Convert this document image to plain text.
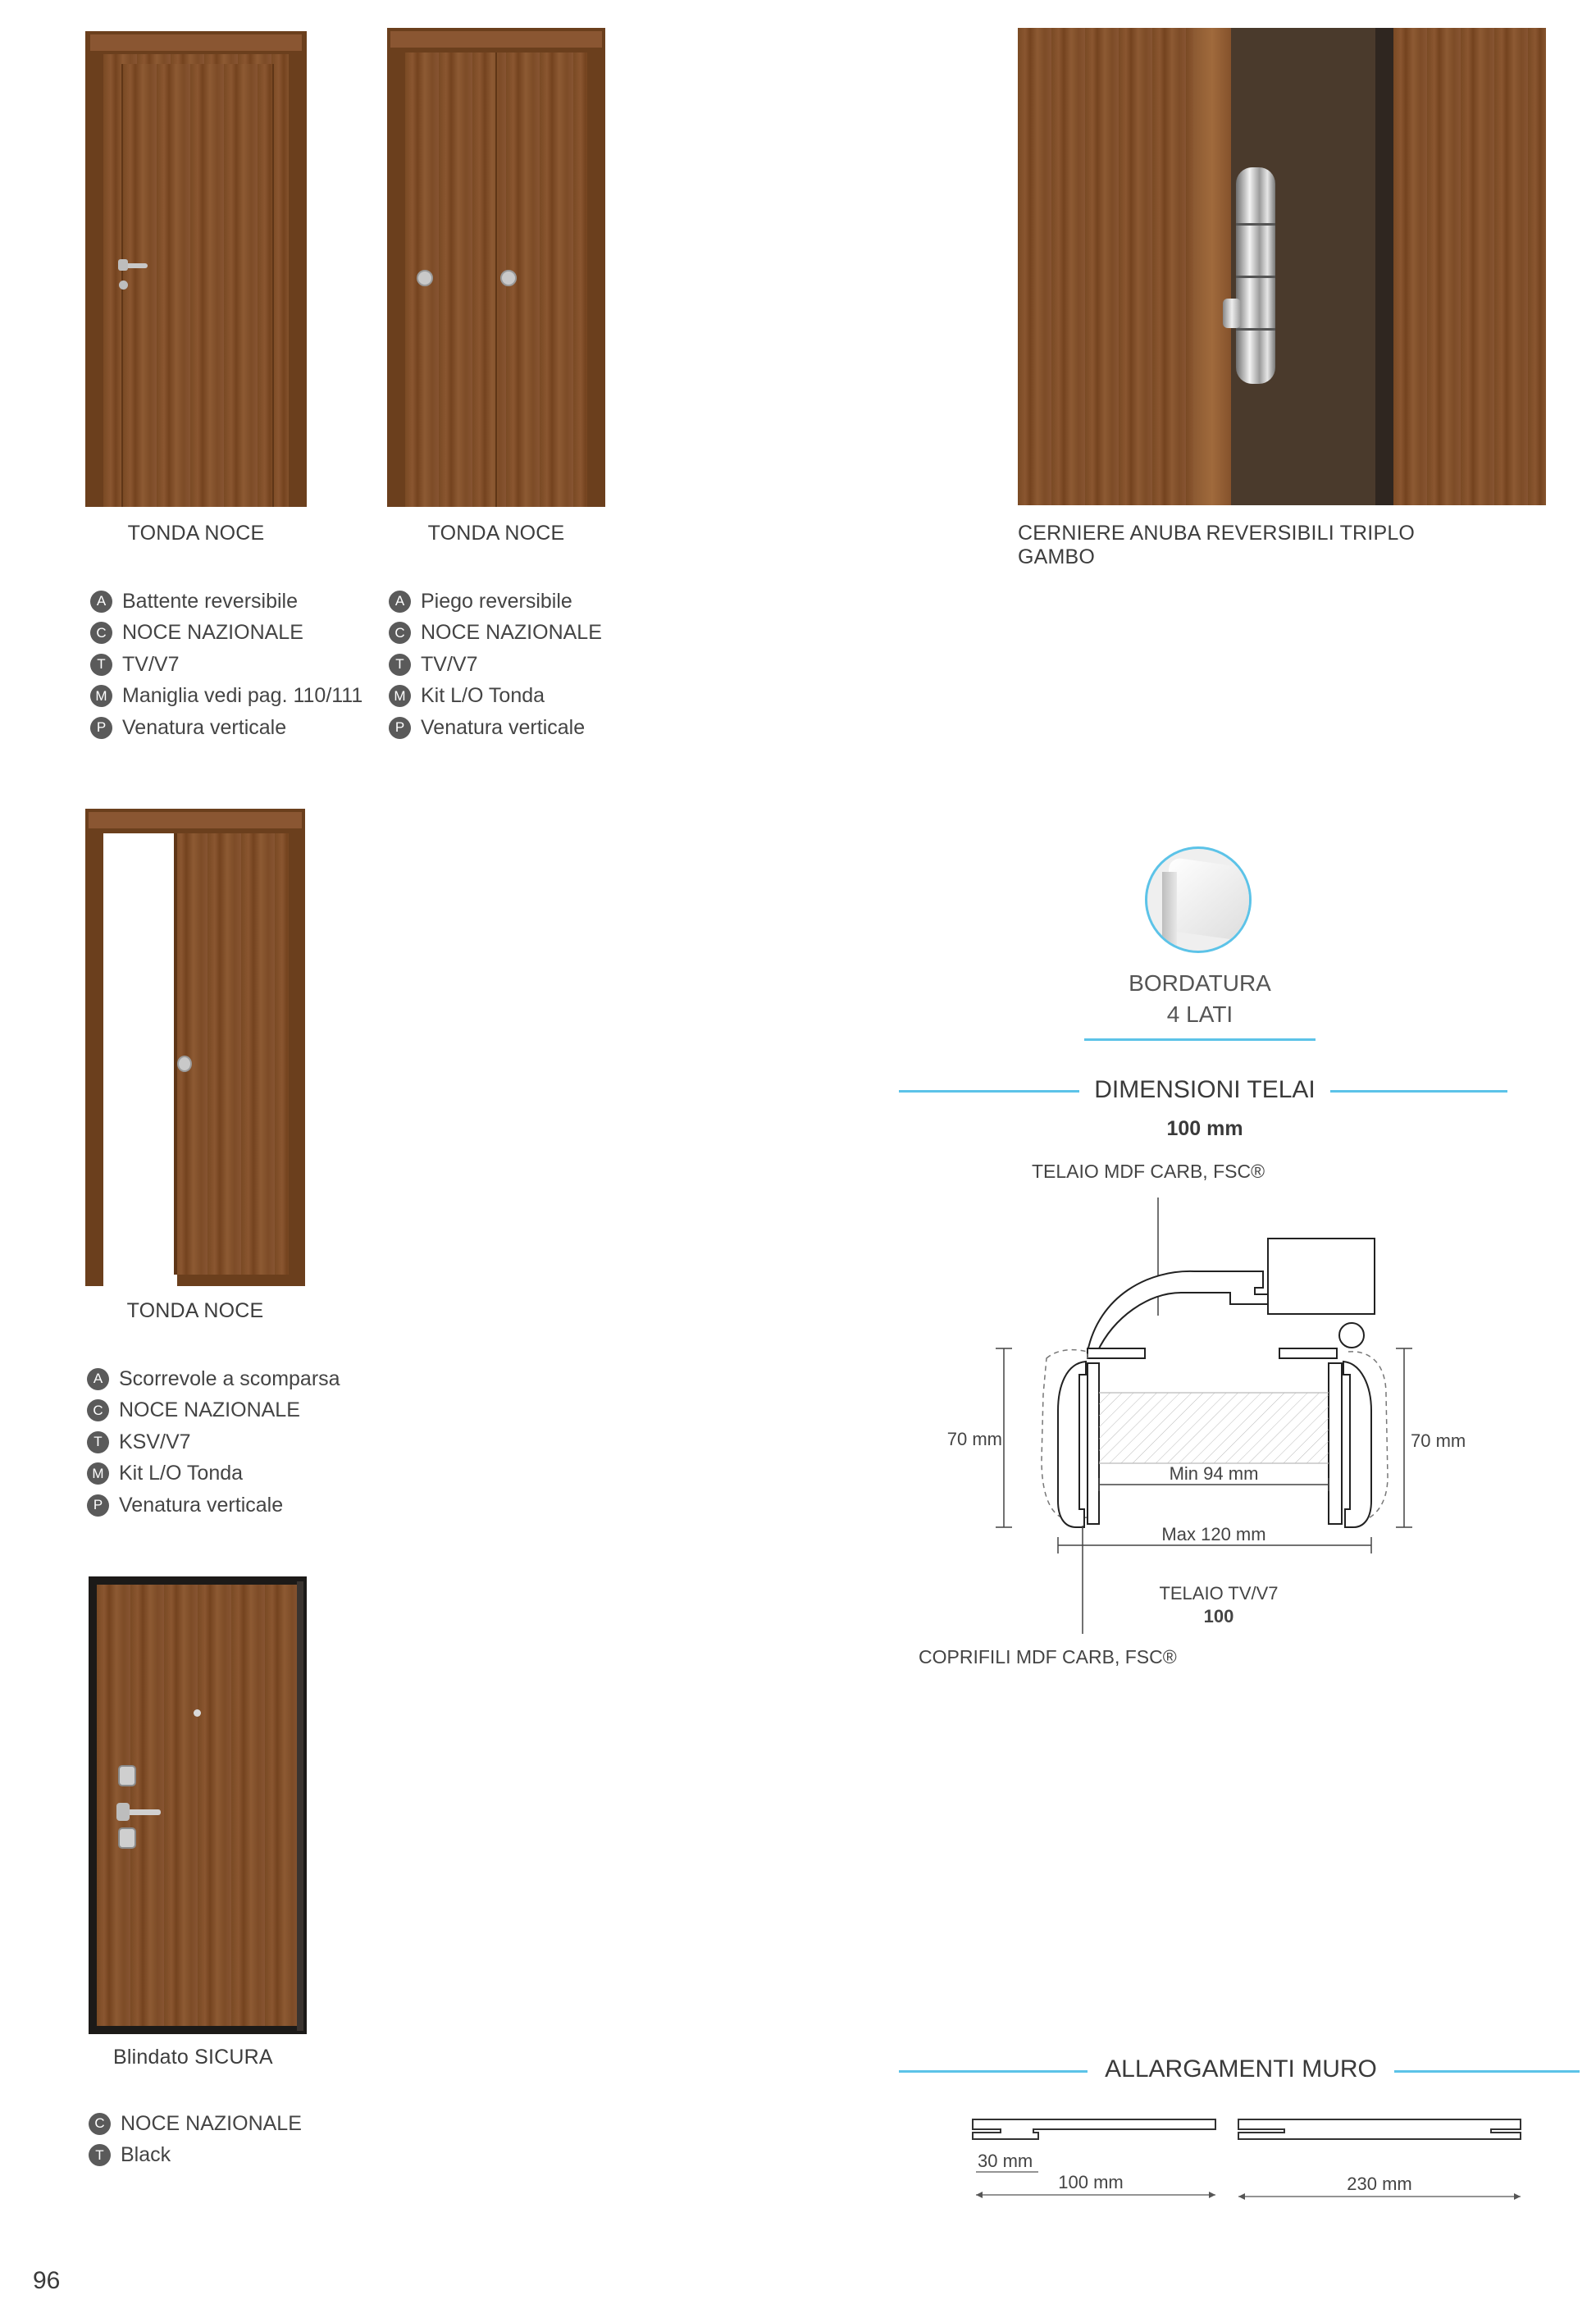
TONDA NOCE
A Battente reversibile
C NOCE NAZIONALE
T TV/V7
M Maniglia vedi pag. 110/111
P Venatura verticale
TONDA NOCE
A Piego reversibile
C NOCE NAZIONALE
T TV/V7
M Kit L/O Tonda
P Venatura verticale
CERNIERE ANUBA REVERSIBILI TRIPLO GAMBO
TONDA NOCE
A Scorrevole a scomparsa
C NOCE NAZIONALE
T KSV/V7
M Kit L/O Tonda
P Venatura verticale
Blindato SICURA
C NOCE NAZIONALE
T Black
BORDATURA
4 LATI
DIMENSIONI TELAI
100 mm
TELAIO MDF CARB, FSC®
Min 94 mm
Max 120 mm
70 mm	70 mm
TELAIO TV/V7
100
COPRIFILI MDF CARB, FSC®
ALLARGAMENTI MURO
30 mm
100 mm	230 mm
96
